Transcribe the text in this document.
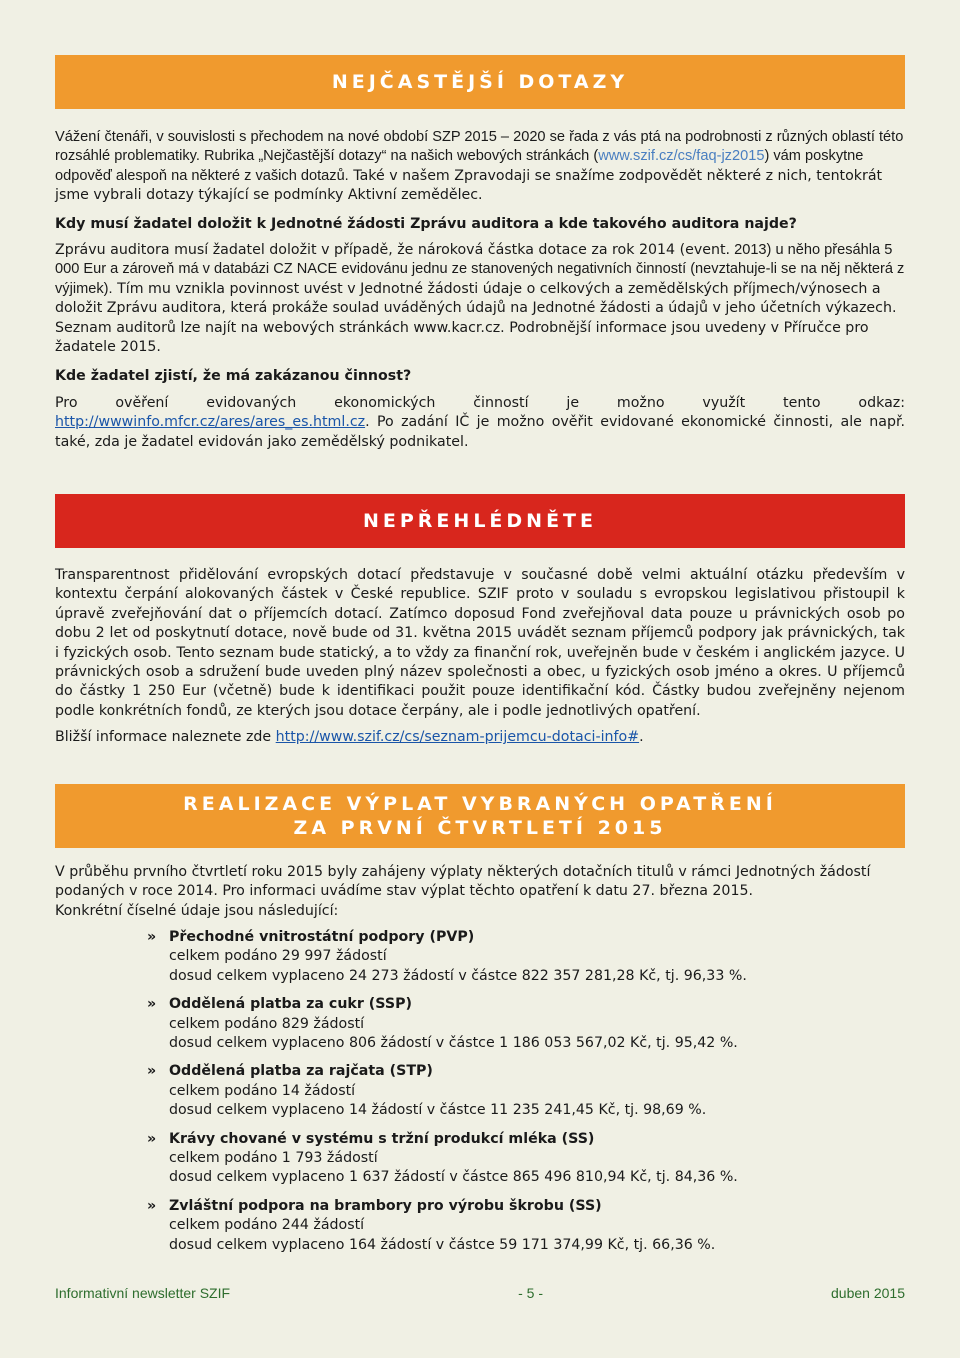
NEJČASTĚJŠÍ DOTAZY

Vážení čtenáři, v souvislosti s přechodem na nové období SZP 2015 – 2020 se řada z vás ptá na podrobnosti z různých oblastí této rozsáhlé problematiky. Rubrika „Nejčastější dotazy“ na našich webových stránkách (www.szif.cz/cs/faq-jz2015) vám poskytne odpověď alespoň na některé z vašich dotazů. Také v našem Zpravodaji se snažíme zodpovědět některé z nich, tentokrát jsme vybrali dotazy týkající se podmínky Aktivní zemědělec.

Kdy musí žadatel doložit k Jednotné žádosti Zprávu auditora a kde takového auditora najde?

Zprávu auditora musí žadatel doložit v případě, že nároková částka dotace za rok 2014 (event. 2013) u něho přesáhla 5 000 Eur a zároveň má v databázi CZ NACE evidovánu jednu ze stanovených negativních činností (nevztahuje-li se na něj některá z výjimek). Tím mu vznikla povinnost uvést v Jednotné žádosti údaje o celkových a zemědělských příjmech/výnosech a doložit Zprávu auditora, která prokáže soulad uváděných údajů na Jednotné žádosti a údajů v jeho účetních výkazech. Seznam auditorů lze najít na webových stránkách www.kacr.cz. Podrobnější informace jsou uvedeny v Příručce pro žadatele 2015.

Kde žadatel zjistí, že má zakázanou činnost?

Pro ověření evidovaných ekonomických činností je možno využít tento odkaz: http://wwwinfo.mfcr.cz/ares/ares_es.html.cz. Po zadání IČ je možno ověřit evidované ekonomické činnosti, ale např. také, zda je žadatel evidován jako zemědělský podnikatel.

NEPŘEHLÉDNĚTE

Transparentnost přidělování evropských dotací představuje v současné době velmi aktuální otázku především v kontextu čerpání alokovaných částek v České republice. SZIF proto v souladu s evropskou legislativou přistoupil k úpravě zveřejňování dat o příjemcích dotací. Zatímco doposud Fond zveřejňoval data pouze u právnických osob po dobu 2 let od poskytnutí dotace, nově bude od 31. května 2015 uvádět seznam příjemců podpory jak právnických, tak i fyzických osob. Tento seznam bude statický, a to vždy za finanční rok, uveřejněn bude v českém i anglickém jazyce. U právnických osob a sdružení bude uveden plný název společnosti a obec, u fyzických osob jméno a okres. U příjemců do částky 1 250 Eur (včetně) bude k identifikaci použit pouze identifikační kód. Částky budou zveřejněny nejenom podle konkrétních fondů, ze kterých jsou dotace čerpány, ale i podle jednotlivých opatření.

Bližší informace naleznete zde http://www.szif.cz/cs/seznam-prijemcu-dotaci-info#.

REALIZACE VÝPLAT VYBRANÝCH OPATŘENÍ
ZA PRVNÍ ČTVRTLETÍ 2015

V průběhu prvního čtvrtletí roku 2015 byly zahájeny výplaty některých dotačních titulů v rámci Jednotných žádostí podaných v roce 2014. Pro informaci uvádíme stav výplat těchto opatření k datu 27. března 2015.

Konkrétní číselné údaje jsou následující:

» Přechodné vnitrostátní podpory (PVP)
celkem podáno 29 997 žádostí
dosud celkem vyplaceno 24 273 žádostí v částce 822 357 281,28 Kč, tj. 96,33 %.
» Oddělená platba za cukr (SSP)
celkem podáno 829 žádostí
dosud celkem vyplaceno 806 žádostí v částce 1 186 053 567,02 Kč, tj. 95,42 %.
» Oddělená platba za rajčata (STP)
celkem podáno 14 žádostí
dosud celkem vyplaceno 14 žádostí v částce 11 235 241,45 Kč, tj. 98,69 %.
» Krávy chované v systému s tržní produkcí mléka (SS)
celkem podáno 1 793 žádostí
dosud celkem vyplaceno 1 637 žádostí v částce 865 496 810,94 Kč, tj. 84,36 %.
» Zvláštní podpora na brambory pro výrobu škrobu (SS)
celkem podáno 244 žádostí
dosud celkem vyplaceno 164 žádostí v částce 59 171 374,99 Kč, tj. 66,36 %.
Informativní newsletter SZIF	- 5 -	duben 2015
